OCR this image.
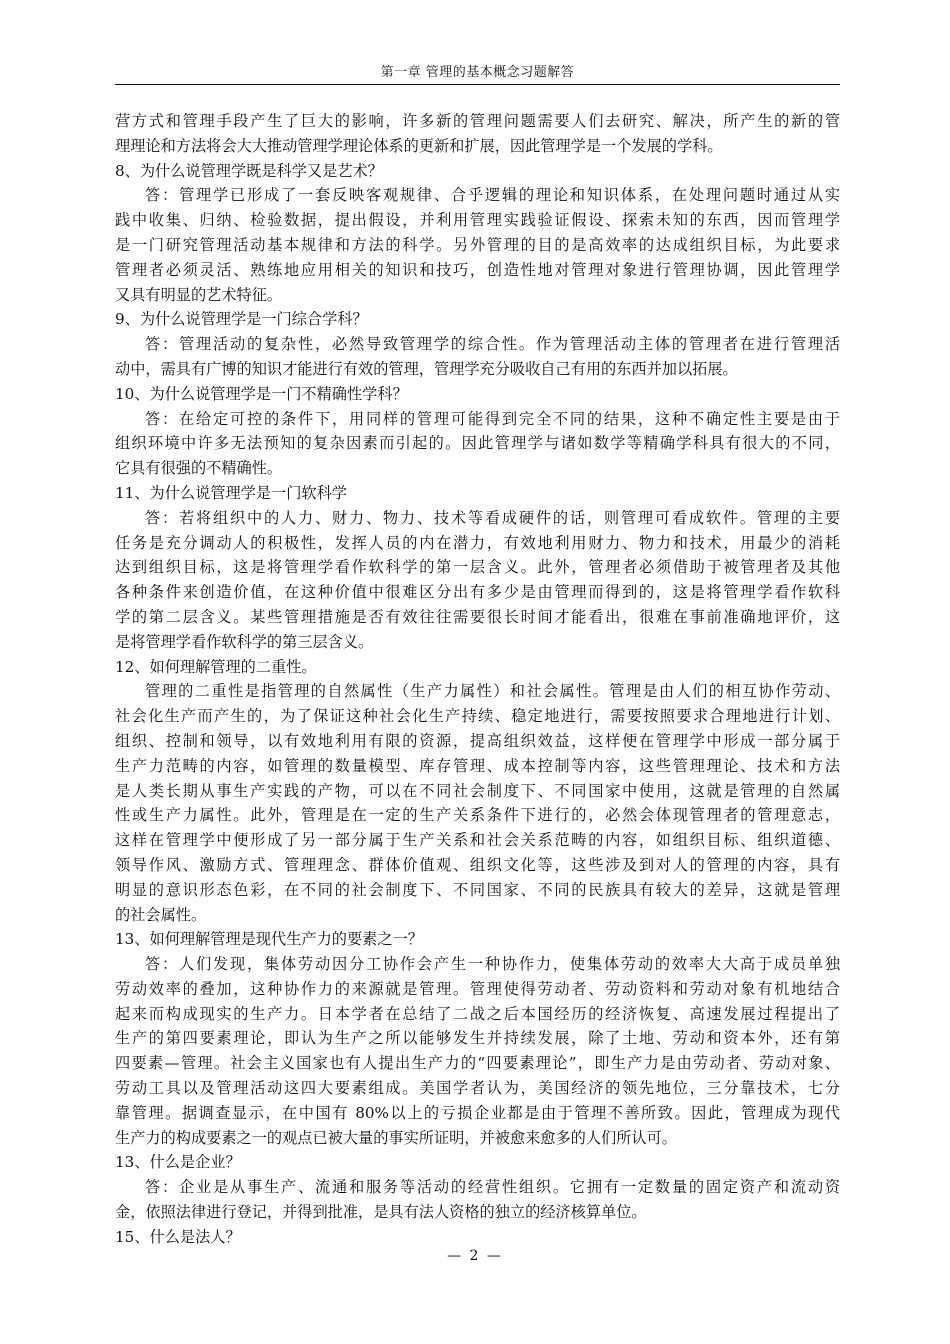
第一章 管理的基本概念习题解答
营方式和管理手段产生了巨大的影响，许多新的管理问题需要人们去研究、解决，所产生的新的管
理理论和方法将会大大推动管理学理论体系的更新和扩展，因此管理学是一个发展的学科。
8、为什么说管理学既是科学又是艺术？
答：管理学已形成了一套反映客观规律、合乎逻辑的理论和知识体系，在处理问题时通过从实
践中收集、归纳、检验数据，提出假设，并利用管理实践验证假设、探索未知的东西，因而管理学
是一门研究管理活动基本规律和方法的科学。另外管理的目的是高效率的达成组织目标，为此要求
管理者必须灵活、熟练地应用相关的知识和技巧，创造性地对管理对象进行管理协调，因此管理学
又具有明显的艺术特征。
9、为什么说管理学是一门综合学科？
答：管理活动的复杂性，必然导致管理学的综合性。作为管理活动主体的管理者在进行管理活
动中，需具有广博的知识才能进行有效的管理，管理学充分吸收自己有用的东西并加以拓展。
10、为什么说管理学是一门不精确性学科？
答：在给定可控的条件下，用同样的管理可能得到完全不同的结果，这种不确定性主要是由于
组织环境中许多无法预知的复杂因素而引起的。因此管理学与诸如数学等精确学科具有很大的不同，
它具有很强的不精确性。
11、为什么说管理学是一门软科学
答：若将组织中的人力、财力、物力、技术等看成硬件的话，则管理可看成软件。管理的主要
任务是充分调动人的积极性，发挥人员的内在潜力，有效地利用财力、物力和技术，用最少的消耗
达到组织目标，这是将管理学看作软科学的第一层含义。此外，管理者必须借助于被管理者及其他
各种条件来创造价值，在这种价值中很难区分出有多少是由管理而得到的，这是将管理学看作软科
学的第二层含义。某些管理措施是否有效往往需要很长时间才能看出，很难在事前准确地评价，这
是将管理学看作软科学的第三层含义。
12、如何理解管理的二重性。
管理的二重性是指管理的自然属性（生产力属性）和社会属性。管理是由人们的相互协作劳动、
社会化生产而产生的，为了保证这种社会化生产持续、稳定地进行，需要按照要求合理地进行计划、
组织、控制和领导，以有效地利用有限的资源，提高组织效益，这样便在管理学中形成一部分属于
生产力范畴的内容，如管理的数量模型、库存管理、成本控制等内容，这些管理理论、技术和方法
是人类长期从事生产实践的产物，可以在不同社会制度下、不同国家中使用，这就是管理的自然属
性或生产力属性。此外，管理是在一定的生产关系条件下进行的，必然会体现管理者的管理意志，
这样在管理学中便形成了另一部分属于生产关系和社会关系范畴的内容，如组织目标、组织道德、
领导作风、激励方式、管理理念、群体价值观、组织文化等，这些涉及到对人的管理的内容，具有
明显的意识形态色彩，在不同的社会制度下、不同国家、不同的民族具有较大的差异，这就是管理
的社会属性。
13、如何理解管理是现代生产力的要素之一？
答：人们发现，集体劳动因分工协作会产生一种协作力，使集体劳动的效率大大高于成员单独
劳动效率的叠加，这种协作力的来源就是管理。管理使得劳动者、劳动资料和劳动对象有机地结合
起来而构成现实的生产力。日本学者在总结了二战之后本国经历的经济恢复、高速发展过程提出了
生产的第四要素理论，即认为生产之所以能够发生并持续发展，除了土地、劳动和资本外，还有第
四要素—管理。社会主义国家也有人提出生产力的“四要素理论”，即生产力是由劳动者、劳动对象、
劳动工具以及管理活动这四大要素组成。美国学者认为，美国经济的领先地位，三分靠技术，七分
靠管理。据调查显示，在中国有 80%以上的亏损企业都是由于管理不善所致。因此，管理成为现代
生产力的构成要素之一的观点已被大量的事实所证明，并被愈来愈多的人们所认可。
13、什么是企业？
答：企业是从事生产、流通和服务等活动的经营性组织。它拥有一定数量的固定资产和流动资
金，依照法律进行登记，并得到批准，是具有法人资格的独立的经济核算单位。
15、什么是法人？
— 2 —
